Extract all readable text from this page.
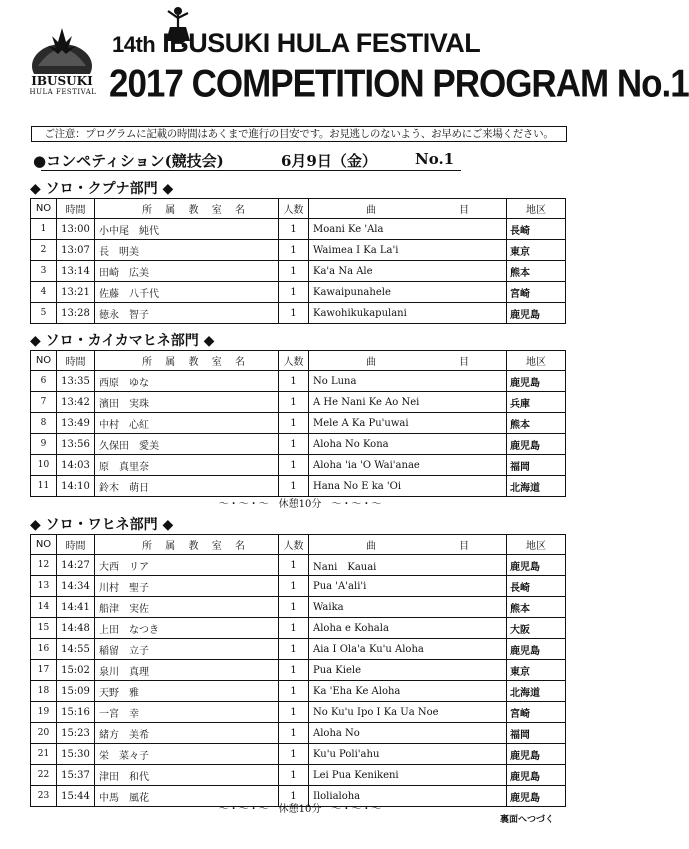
IBUSUKI
HULA FESTIVAL
14th IBUSUKI HULA FESTIVAL
2017 COMPETITION PROGRAM No.1
ご注意：プログラムに記載の時間はあくまで進行の目安です。お見逃しのないよう、お早めにご来場ください。
●コンペティション(競技会)	6月9日（金）	No.1
◆ ソロ・クプナ部門 ◆
NO	時間	所 属 教 室 名	人数	曲 目	地区
1	13:00	小中尾　純代	1	Moani Ke 'Ala	長崎
2	13:07	長　明美	1	Waimea I Ka La'i	東京
3	13:14	田崎　広美	1	Ka'a Na Ale	熊本
4	13:21	佐藤　八千代	1	Kawaipunahele	宮崎
5	13:28	徳永　智子	1	Kawohikukapulani	鹿児島
◆ ソロ・カイカマヒネ部門 ◆
NO	時間	所 属 教 室 名	人数	曲 目	地区
6	13:35	西原　ゆな	1	No Luna	鹿児島
7	13:42	濱田　実珠	1	A He Nani Ke Ao Nei	兵庫
8	13:49	中村　心紅	1	Mele A Ka Pu'uwai	熊本
9	13:56	久保田　愛美	1	Aloha No Kona	鹿児島
10	14:03	原　真里奈	1	Aloha 'ia 'O Wai'anae	福岡
11	14:10	鈴木　萌日	1	Hana No E ka 'Oi	北海道
～・～・～　休憩10分　～・～・～
◆ ソロ・ワヒネ部門 ◆
NO	時間	所 属 教 室 名	人数	曲 目	地区
12	14:27	大西　リア	1	Nani　Kauai	鹿児島
13	14:34	川村　聖子	1	Pua 'A'ali'i	長崎
14	14:41	船津　実佐	1	Waika	熊本
15	14:48	上田　なつき	1	Aloha e Kohala	大阪
16	14:55	稲留　立子	1	Aia I Ola'a Ku'u Aloha	鹿児島
17	15:02	泉川　真理	1	Pua Kiele	東京
18	15:09	天野　雅	1	Ka 'Eha Ke Aloha	北海道
19	15:16	一宮　幸	1	No Ku'u Ipo I Ka Ua Noe	宮崎
20	15:23	緒方　美希	1	Aloha No	福岡
21	15:30	栄　菜々子	1	Ku'u Poli'ahu	鹿児島
22	15:37	津田　和代	1	Lei Pua Kenikeni	鹿児島
23	15:44	中馬　風花	1	Ilolialoha	鹿児島
～・～・～　休憩10分　～・～・～
裏面へつづく
